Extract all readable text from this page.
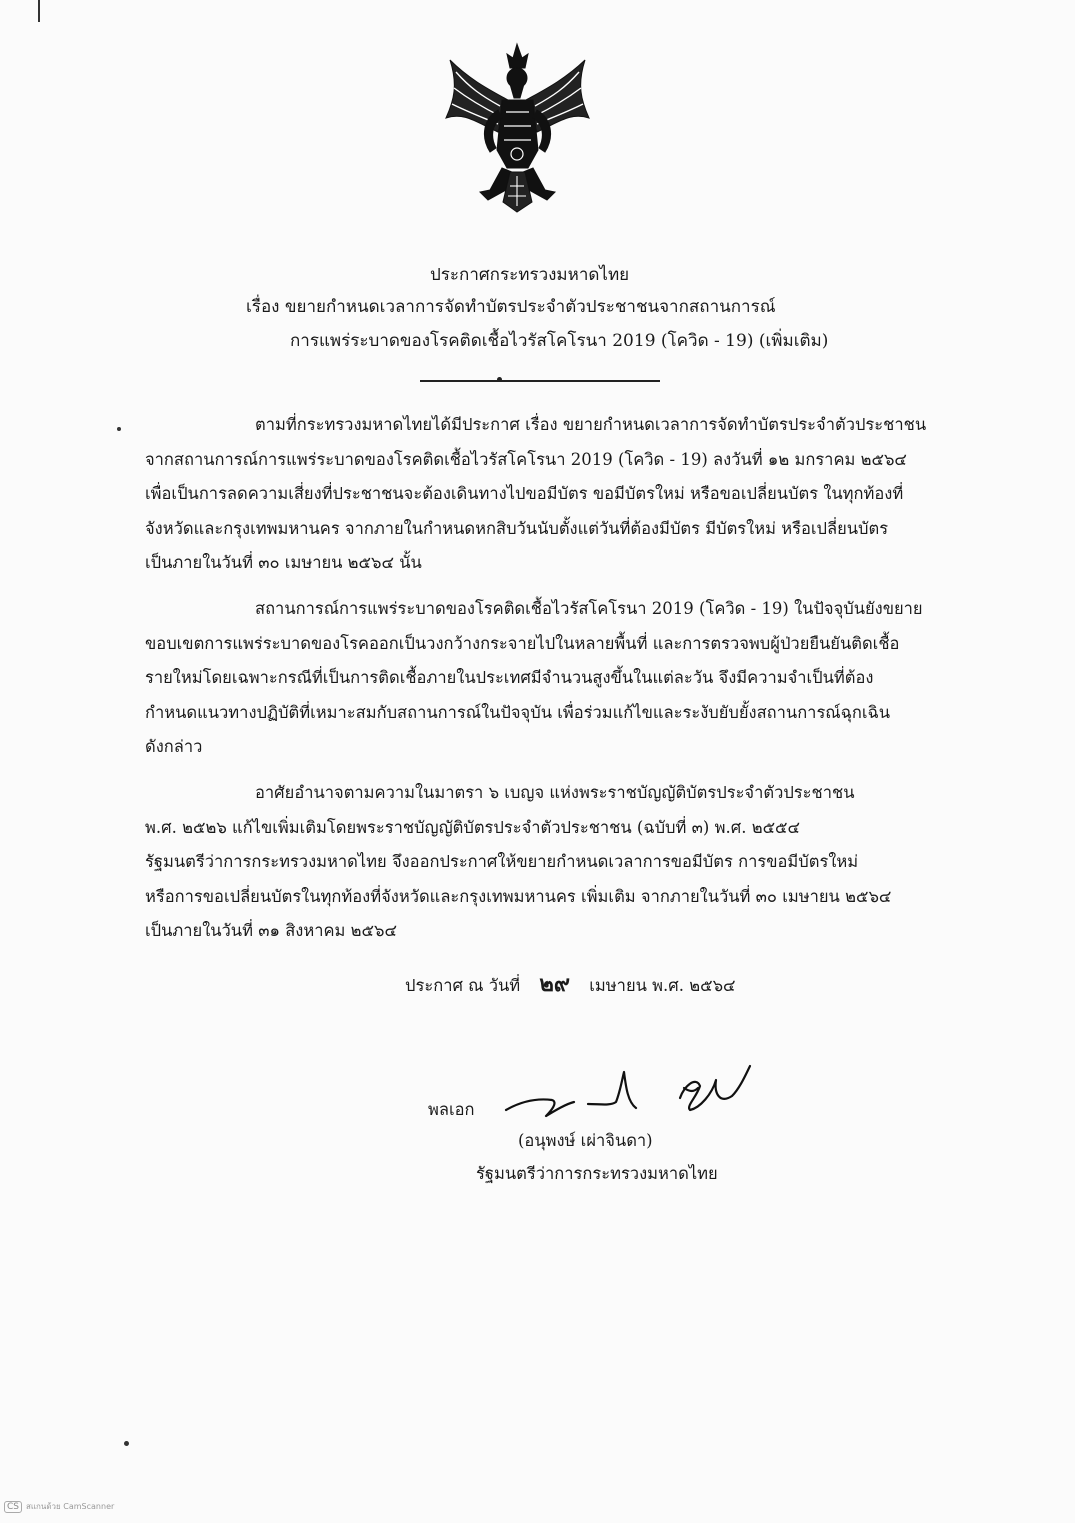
ประกาศกระทรวงมหาดไทย
เรื่อง ขยายกำหนดเวลาการจัดทำบัตรประจำตัวประชาชนจากสถานการณ์
การแพร่ระบาดของโรคติดเชื้อไวรัสโคโรนา 2019 (โควิด - 19) (เพิ่มเติม)
ตามที่กระทรวงมหาดไทยได้มีประกาศ เรื่อง ขยายกำหนดเวลาการจัดทำบัตรประจำตัวประชาชน
จากสถานการณ์การแพร่ระบาดของโรคติดเชื้อไวรัสโคโรนา 2019 (โควิด - 19) ลงวันที่ ๑๒ มกราคม ๒๕๖๔
เพื่อเป็นการลดความเสี่ยงที่ประชาชนจะต้องเดินทางไปขอมีบัตร ขอมีบัตรใหม่ หรือขอเปลี่ยนบัตร ในทุกท้องที่
จังหวัดและกรุงเทพมหานคร จากภายในกำหนดหกสิบวันนับตั้งแต่วันที่ต้องมีบัตร มีบัตรใหม่ หรือเปลี่ยนบัตร
เป็นภายในวันที่ ๓๐ เมษายน ๒๕๖๔ นั้น
สถานการณ์การแพร่ระบาดของโรคติดเชื้อไวรัสโคโรนา 2019 (โควิด - 19) ในปัจจุบันยังขยาย
ขอบเขตการแพร่ระบาดของโรคออกเป็นวงกว้างกระจายไปในหลายพื้นที่ และการตรวจพบผู้ป่วยยืนยันติดเชื้อ
รายใหม่โดยเฉพาะกรณีที่เป็นการติดเชื้อภายในประเทศมีจำนวนสูงขึ้นในแต่ละวัน จึงมีความจำเป็นที่ต้อง
กำหนดแนวทางปฏิบัติที่เหมาะสมกับสถานการณ์ในปัจจุบัน เพื่อร่วมแก้ไขและระงับยับยั้งสถานการณ์ฉุกเฉิน
ดังกล่าว
อาศัยอำนาจตามความในมาตรา ๖ เบญจ แห่งพระราชบัญญัติบัตรประจำตัวประชาชน
พ.ศ. ๒๕๒๖ แก้ไขเพิ่มเติมโดยพระราชบัญญัติบัตรประจำตัวประชาชน (ฉบับที่ ๓) พ.ศ. ๒๕๕๔
รัฐมนตรีว่าการกระทรวงมหาดไทย จึงออกประกาศให้ขยายกำหนดเวลาการขอมีบัตร การขอมีบัตรใหม่
หรือการขอเปลี่ยนบัตรในทุกท้องที่จังหวัดและกรุงเทพมหานคร เพิ่มเติม จากภายในวันที่ ๓๐ เมษายน ๒๕๖๔
เป็นภายในวันที่ ๓๑ สิงหาคม ๒๕๖๔
ประกาศ ณ วันที่ ๒๙ เมษายน พ.ศ. ๒๕๖๔
พลเอก
(อนุพงษ์ เผ่าจินดา)
รัฐมนตรีว่าการกระทรวงมหาดไทย
CS สแกนด้วย CamScanner
